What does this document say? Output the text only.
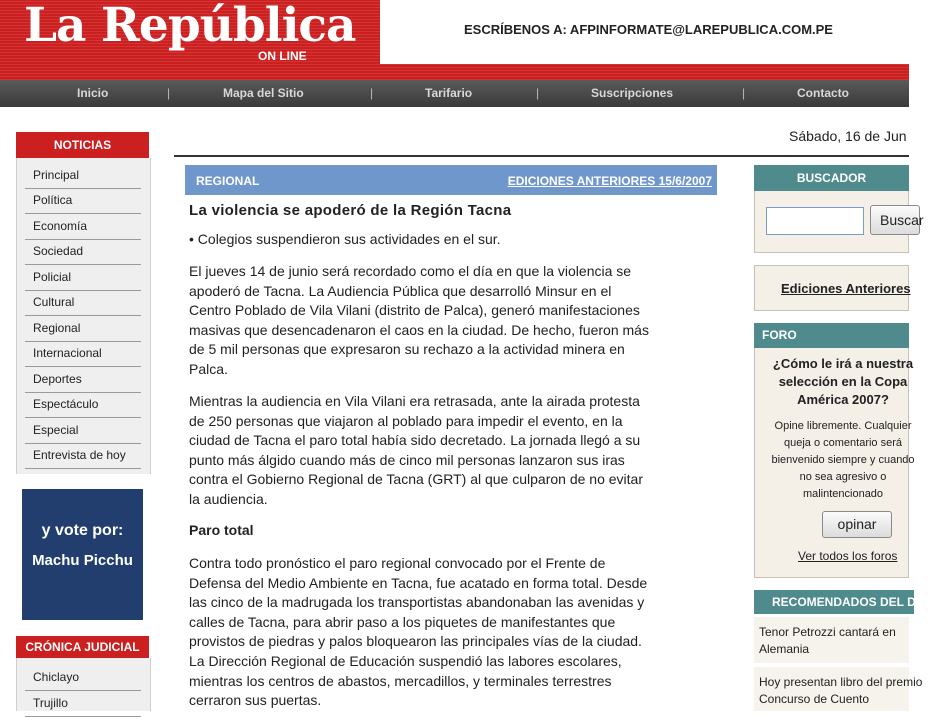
La República
ON LINE
ESCRÍBENOS A: AFPINFORMATE@LAREPUBLICA.COM.PE
Inicio	|	Mapa del Sitio	|	Tarifario	|	Suscripciones	|	Contacto
NOTICIAS
Principal
Política
Economía
Sociedad
Policial
Cultural
Regional
Internacional
Deportes
Espectáculo
Especial
Entrevista de hoy
y vote por:
Machu Picchu
CRÓNICA JUDICIAL
Chiclayo
Trujillo
Sábado, 16 de Jun
REGIONAL	EDICIONES ANTERIORES 15/6/2007
La violencia se apoderó de la Región Tacna
• Colegios suspendieron sus actividades en el sur.
El jueves 14 de junio será recordado como el día en que la violencia se
apoderó de Tacna. La Audiencia Pública que desarrolló Minsur en el
Centro Poblado de Vila Vilani (distrito de Palca), generó manifestaciones
masivas que desencadenaron el caos en la ciudad. De hecho, fueron más
de 5 mil personas que expresaron su rechazo a la actividad minera en
Palca.
Mientras la audiencia en Vila Vilani era retrasada, ante la airada protesta
de 250 personas que viajaron al poblado para impedir el evento, en la
ciudad de Tacna el paro total había sido decretado. La jornada llegó a su
punto más álgido cuando más de cinco mil personas lanzaron sus iras
contra el Gobierno Regional de Tacna (GRT) al que culparon de no evitar
la audiencia.
Paro total
Contra todo pronóstico el paro regional convocado por el Frente de
Defensa del Medio Ambiente en Tacna, fue acatado en forma total. Desde
las cinco de la madrugada los transportistas abandonaban las avenidas y
calles de Tacna, para abrir paso a los piquetes de manifestantes que
provistos de piedras y palos bloquearon las principales vías de la ciudad.
La Dirección Regional de Educación suspendió las labores escolares,
mientras los centros de abastos, mercadillos, y terminales terrestres
cerraron sus puertas.
BUSCADOR
Buscar
Ediciones Anteriores
FORO
¿Cómo le irá a nuestra
selección en la Copa
América 2007?
Opine libremente. Cualquier
queja o comentario será
bienvenido siempre y cuando
no sea agresivo o
malintencionado
opinar
Ver todos los foros
RECOMENDADOS DEL DÍA
Tenor Petrozzi cantará en
Alemania
Hoy presentan libro del premio
Concurso de Cuento
